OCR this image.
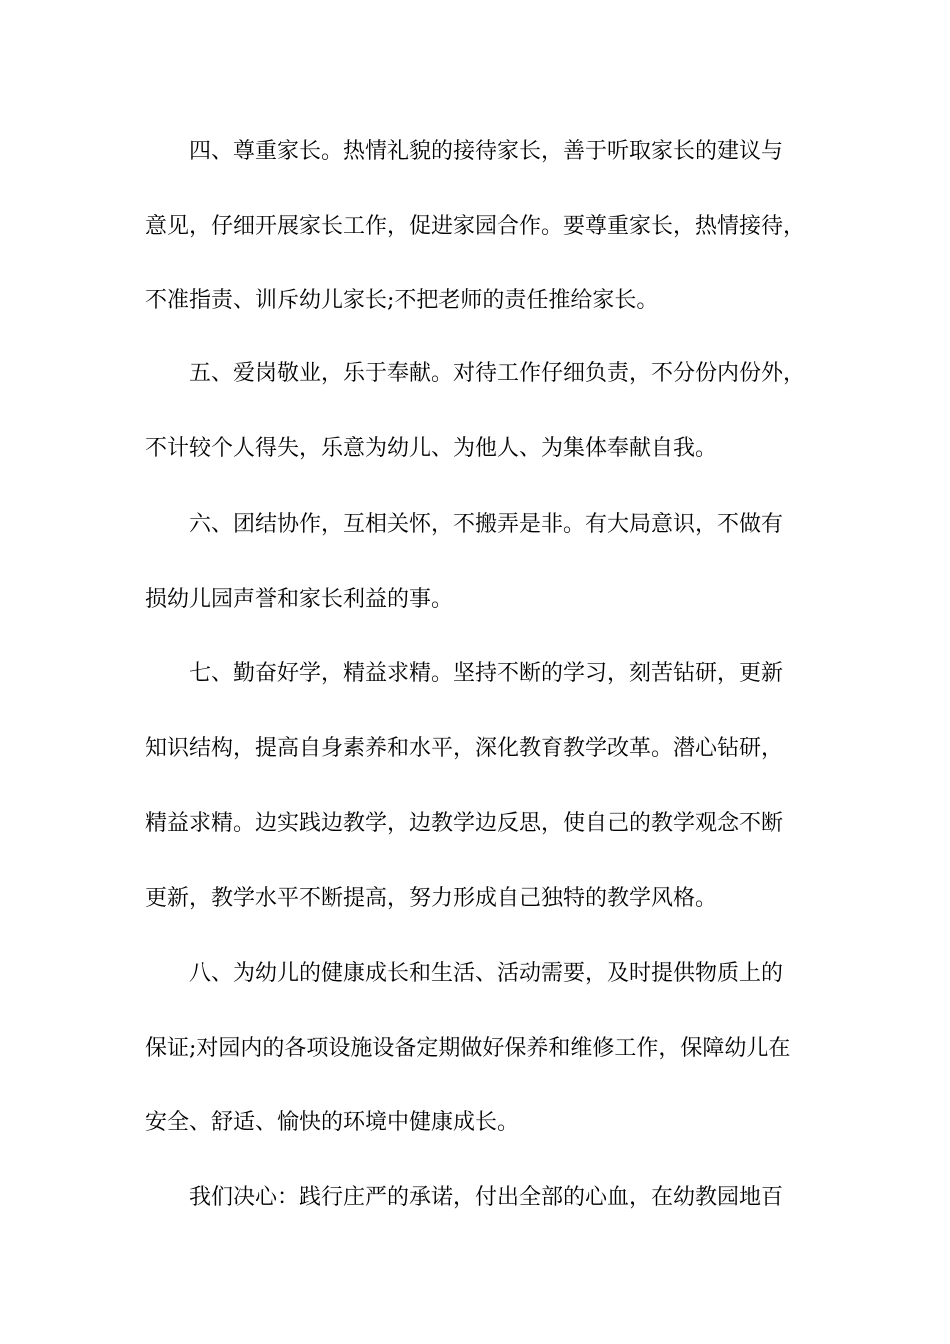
四、尊重家长。热情礼貌的接待家长，善于听取家长的建议与
意见，仔细开展家长工作，促进家园合作。要尊重家长，热情接待，
不准指责、训斥幼儿家长;不把老师的责任推给家长。
五、爱岗敬业，乐于奉献。对待工作仔细负责，不分份内份外，
不计较个人得失，乐意为幼儿、为他人、为集体奉献自我。
六、团结协作，互相关怀，不搬弄是非。有大局意识，不做有
损幼儿园声誉和家长利益的事。
七、勤奋好学，精益求精。坚持不断的学习，刻苦钻研，更新
知识结构，提高自身素养和水平，深化教育教学改革。潜心钻研，
精益求精。边实践边教学，边教学边反思，使自己的教学观念不断
更新，教学水平不断提高，努力形成自己独特的教学风格。
八、为幼儿的健康成长和生活、活动需要，及时提供物质上的
保证;对园内的各项设施设备定期做好保养和维修工作，保障幼儿在
安全、舒适、愉快的环境中健康成长。
我们决心：践行庄严的承诺，付出全部的心血，在幼教园地百
